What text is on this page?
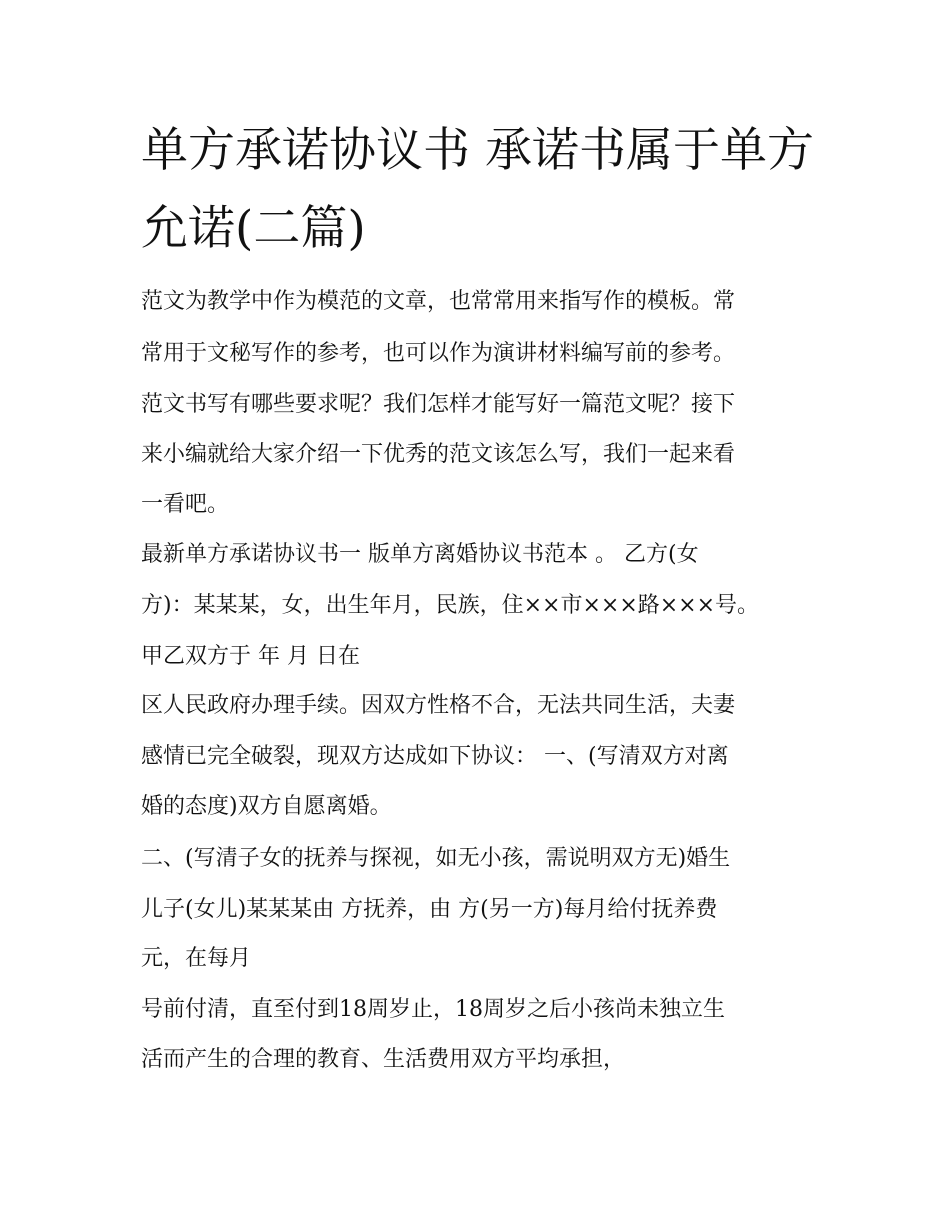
单方承诺协议书 承诺书属于单方允诺(二篇)

范文为教学中作为模范的文章，也常常用来指写作的模板。常

常用于文秘写作的参考，也可以作为演讲材料编写前的参考。

范文书写有哪些要求呢？我们怎样才能写好一篇范文呢？接下

来小编就给大家介绍一下优秀的范文该怎么写，我们一起来看

一看吧。

最新单方承诺协议书一 版单方离婚协议书范本 。 乙方(女

方)：某某某，女，出生年月，民族，住××市×××路×××号。

甲乙双方于 年 月 日在

区人民政府办理手续。因双方性格不合，无法共同生活，夫妻

感情已完全破裂，现双方达成如下协议： 一、(写清双方对离

婚的态度)双方自愿离婚。

二、(写清子女的抚养与探视，如无小孩，需说明双方无)婚生

儿子(女儿)某某某由 方抚养，由 方(另一方)每月给付抚养费

元，在每月

号前付清，直至付到18周岁止，18周岁之后小孩尚未独立生

活而产生的合理的教育、生活费用双方平均承担，
